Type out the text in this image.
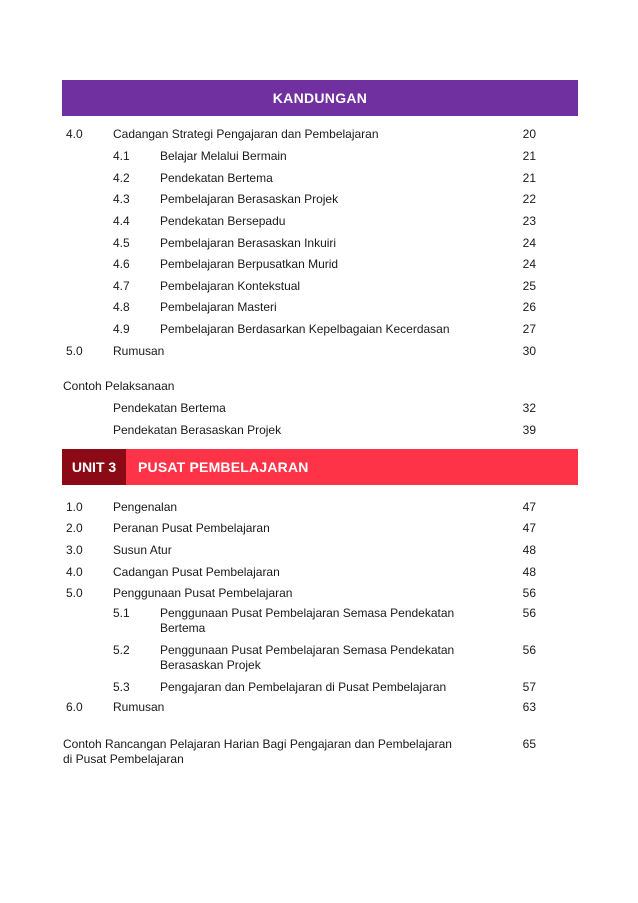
KANDUNGAN
4.0	Cadangan Strategi Pengajaran dan Pembelajaran	20
4.1	Belajar Melalui Bermain	21
4.2	Pendekatan Bertema	21
4.3	Pembelajaran Berasaskan Projek	22
4.4	Pendekatan Bersepadu	23
4.5	Pembelajaran Berasaskan Inkuiri	24
4.6	Pembelajaran Berpusatkan Murid	24
4.7	Pembelajaran Kontekstual	25
4.8	Pembelajaran Masteri	26
4.9	Pembelajaran Berdasarkan Kepelbagaian Kecerdasan	27
5.0	Rumusan	30
Contoh Pelaksanaan
Pendekatan Bertema	32
Pendekatan Berasaskan Projek	39
UNIT 3	PUSAT PEMBELAJARAN
1.0	Pengenalan	47
2.0	Peranan Pusat Pembelajaran	47
3.0	Susun Atur	48
4.0	Cadangan Pusat Pembelajaran	48
5.0	Penggunaan Pusat Pembelajaran	56
5.1	Penggunaan Pusat Pembelajaran Semasa Pendekatan	56
Bertema
5.2	Penggunaan Pusat Pembelajaran Semasa Pendekatan	56
Berasaskan Projek
5.3	Pengajaran dan Pembelajaran di Pusat Pembelajaran	57
6.0	Rumusan	63
Contoh Rancangan Pelajaran Harian Bagi Pengajaran dan Pembelajaran	65
di Pusat Pembelajaran
